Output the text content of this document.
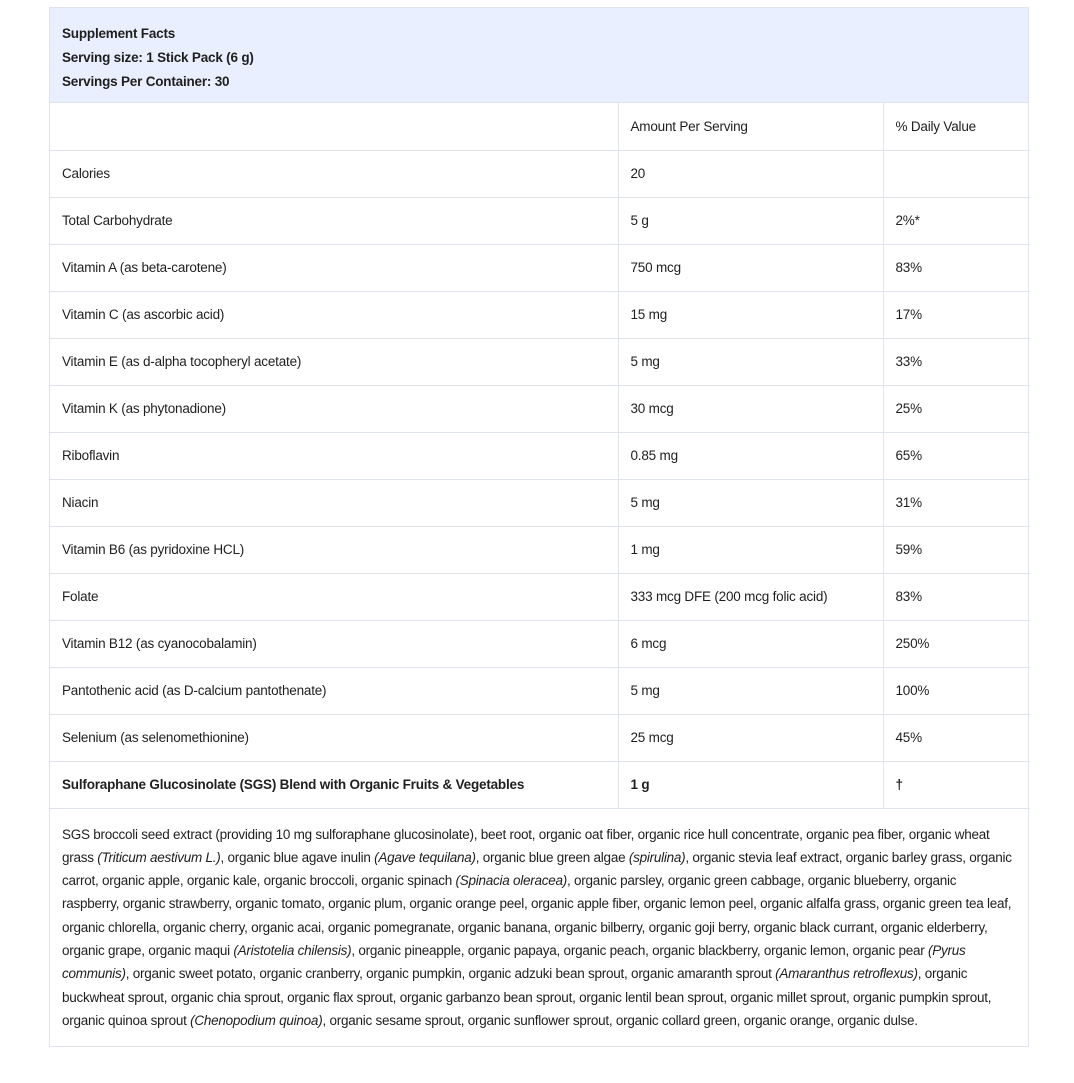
Supplement Facts
Serving size: 1 Stick Pack (6 g)
Servings Per Container: 30
	Amount Per Serving	% Daily Value
Calories	20	
Total Carbohydrate	5 g	2%*
Vitamin A (as beta-carotene)	750 mcg	83%
Vitamin C (as ascorbic acid)	15 mg	17%
Vitamin E (as d-alpha tocopheryl acetate)	5 mg	33%
Vitamin K (as phytonadione)	30 mcg	25%
Riboflavin	0.85 mg	65%
Niacin	5 mg	31%
Vitamin B6 (as pyridoxine HCL)	1 mg	59%
Folate	333 mcg DFE (200 mcg folic acid)	83%
Vitamin B12 (as cyanocobalamin)	6 mcg	250%
Pantothenic acid (as D-calcium pantothenate)	5 mg	100%
Selenium (as selenomethionine)	25 mcg	45%
Sulforaphane Glucosinolate (SGS) Blend with Organic Fruits & Vegetables	1 g	†
SGS broccoli seed extract (providing 10 mg sulforaphane glucosinolate), beet root, organic oat fiber, organic rice hull concentrate, organic pea fiber, organic wheat grass (Triticum aestivum L.), organic blue agave inulin (Agave tequilana), organic blue green algae (spirulina), organic stevia leaf extract, organic barley grass, organic carrot, organic apple, organic kale, organic broccoli, organic spinach (Spinacia oleracea), organic parsley, organic green cabbage, organic blueberry, organic raspberry, organic strawberry, organic tomato, organic plum, organic orange peel, organic apple fiber, organic lemon peel, organic alfalfa grass, organic green tea leaf, organic chlorella, organic cherry, organic acai, organic pomegranate, organic banana, organic bilberry, organic goji berry, organic black currant, organic elderberry, organic grape, organic maqui (Aristotelia chilensis), organic pineapple, organic papaya, organic peach, organic blackberry, organic lemon, organic pear (Pyrus communis), organic sweet potato, organic cranberry, organic pumpkin, organic adzuki bean sprout, organic amaranth sprout (Amaranthus retroflexus), organic buckwheat sprout, organic chia sprout, organic flax sprout, organic garbanzo bean sprout, organic lentil bean sprout, organic millet sprout, organic pumpkin sprout, organic quinoa sprout (Chenopodium quinoa), organic sesame sprout, organic sunflower sprout, organic collard green, organic orange, organic dulse.
